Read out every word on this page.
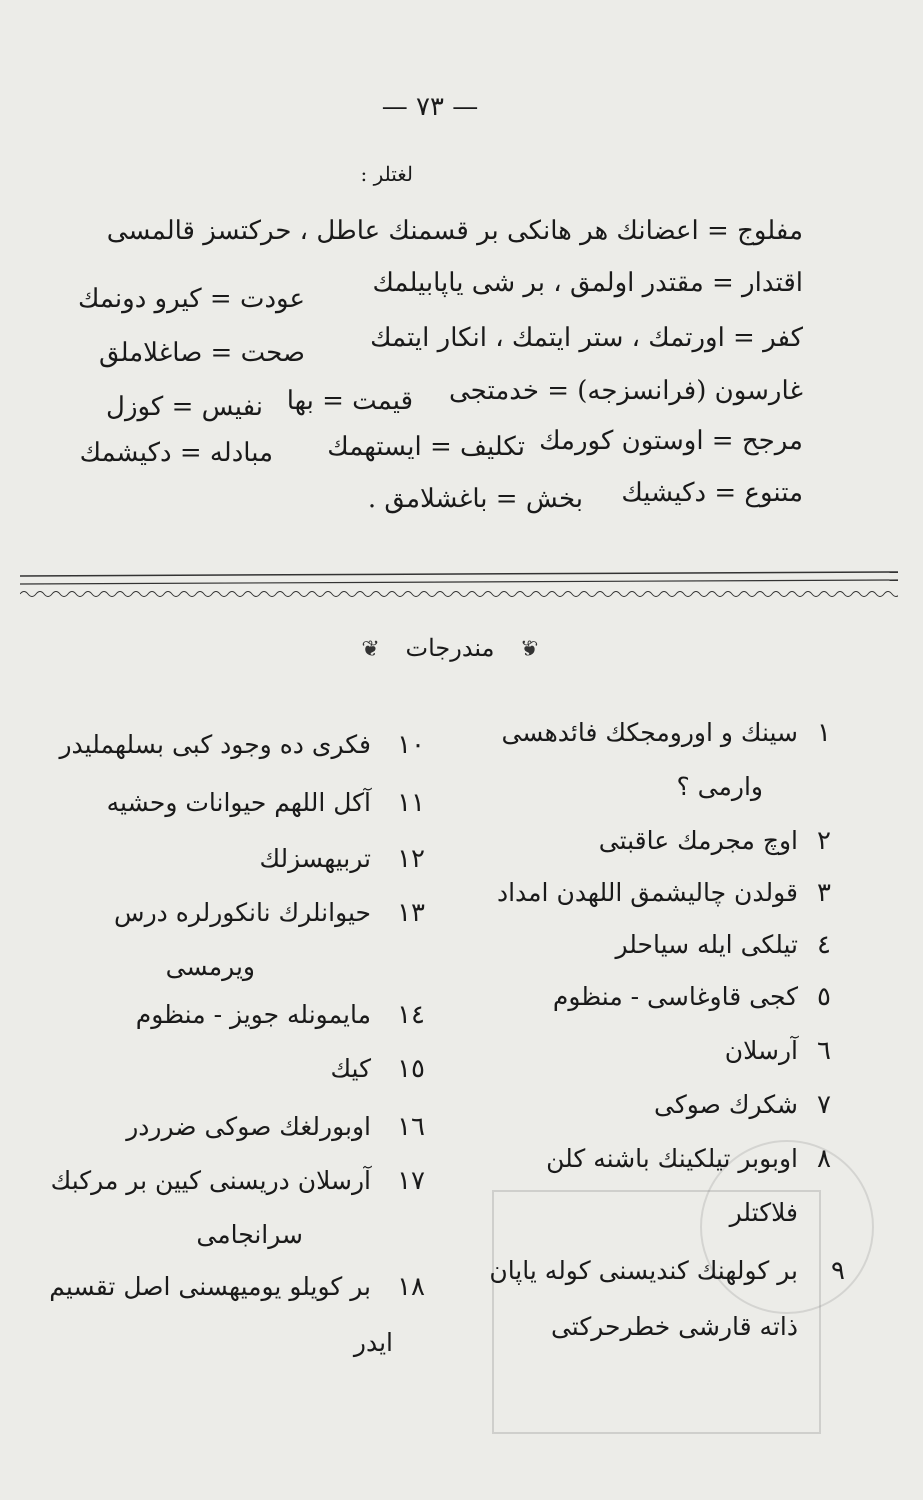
— ٧٣ —
لغتلر :
مفلوج = اعضانك هر هانكى بر قسمنك عاطل ، حركتسز قالمسى
اقتدار = مقتدر اولمق ، بر شى ياپابيلمك
عودت = كيرو دونمك
كفر = اورتمك ، ستر ايتمك ، انكار ايتمك
صحت = صاغلاملق
غارسون (فرانسزجه) = خدمتجى
قيمت = بها
نفيس = كوزل
مرجح = اوستون كورمك
تكليف = ايستهمك
مبادله = دكيشمك
متنوع = دكيشيك
بخش = باغشلامق .
❦ مندرجات ❦
١
سينك و اورومجكك فائدهسى
وارمى ؟
٢
اوچ مجرمك عاقبتى
٣
قولدن چاليشمق اللهدن امداد
٤
تيلكى ايله سياحلر
٥
كجى قاوغاسى - منظوم
٦
آرسلان
٧
شكرك صوكى
٨
اوبوبر تيلكينك باشنه كلن
فلاكتلر
٩
بر كولهنك كنديسنى كوله ياپان
ذاته قارشى خطرحركتى
١٠
فكرى ده وجود كبى بسلهمليدر
١١
آكل اللهم حيوانات وحشيه
١٢
تربيهسزلك
١٣
حيوانلرك نانكورلره درس
ويرمسى
١٤
مايمونله جويز - منظوم
١٥
كيك
١٦
اوبورلغك صوكى ضرردر
١٧
آرسلان دريسنى كيين بر مركبك
سرانجامى
١٨
بر كويلو يوميهسنى اصل تقسيم
ايدر
